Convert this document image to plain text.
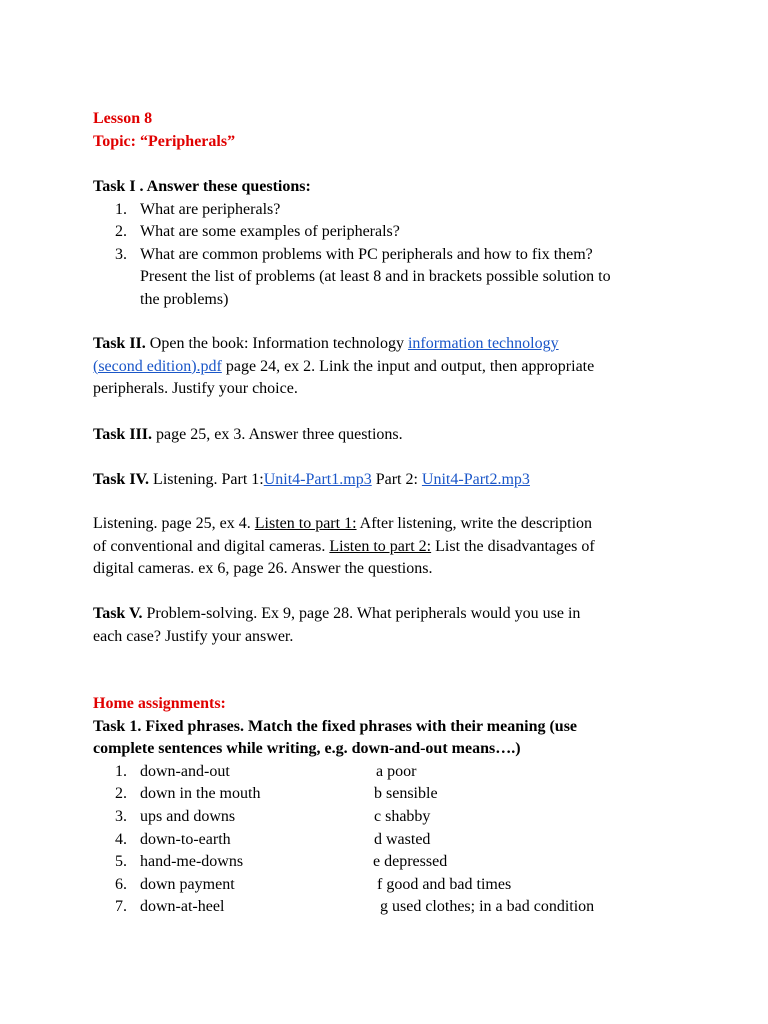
Lesson 8
Topic: “Peripherals”
Task I . Answer these questions:
1. What are peripherals?
2. What are some examples of peripherals?
3. What are common problems with PC peripherals and how to fix them?
Present the list of problems (at least 8 and in brackets possible solution to
the problems)
Task II. Open the book: Information technology information technology
(second edition).pdf page 24, ex 2. Link the input and output, then appropriate
peripherals. Justify your choice.
Task III. page 25, ex 3. Answer three questions.
Task IV. Listening. Part 1:Unit4-Part1.mp3 Part 2: Unit4-Part2.mp3
Listening. page 25, ex 4. Listen to part 1: After listening, write the description
of conventional and digital cameras. Listen to part 2: List the disadvantages of
digital cameras. ex 6, page 26. Answer the questions.
Task V. Problem-solving. Ex 9, page 28. What peripherals would you use in
each case? Justify your answer.
Home assignments:
Task 1. Fixed phrases. Match the fixed phrases with their meaning (use
complete sentences while writing, e.g. down-and-out means….)
1. down-and-out	a poor
2. down in the mouth	b sensible
3. ups and downs	c shabby
4. down-to-earth	d wasted
5. hand-me-downs	e depressed
6. down payment	f good and bad times
7. down-at-heel	g used clothes; in a bad condition
